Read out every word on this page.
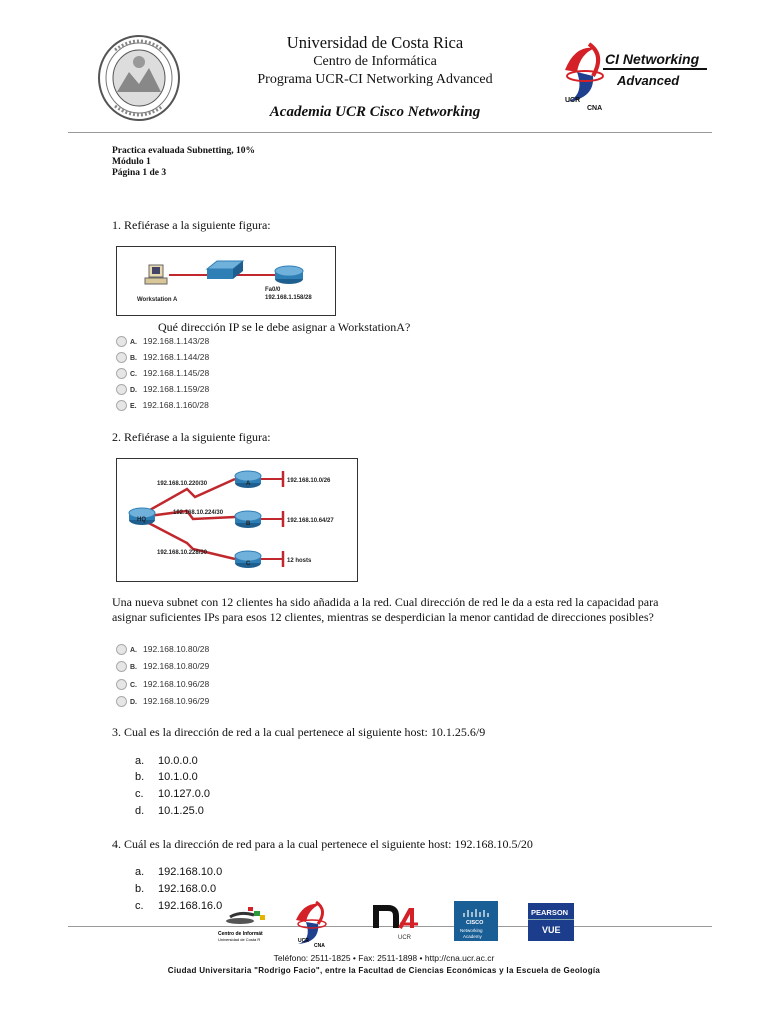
Universidad de Costa Rica
Centro de Informática
Programa UCR-CI Networking Advanced
Academia UCR Cisco Networking
CI Networking
Advanced
UCR
CNA
Practica evaluada Subnetting, 10%
Módulo 1
Página 1 de 3
1. Refiérase a la siguiente figura:
Workstation A
Fa0/0
192.168.1.158/28
Qué dirección IP se le debe asignar a WorkstationA?
A. 192.168.1.143/28
B. 192.168.1.144/28
C. 192.168.1.145/28
D. 192.168.1.159/28
E. 192.168.1.160/28
2. Refiérase a la siguiente figura:
HQ
A
B
C
192.168.10.220/30
192.168.10.224/30
192.168.10.228/30
192.168.10.0/26
192.168.10.64/27
12 hosts
Una nueva subnet con 12 clientes ha sido añadida a la red. Cual dirección de red le da a esta red la capacidad para asignar suficientes IPs para esos 12 clientes, mientras se desperdician la menor cantidad de direcciones posibles?
A. 192.168.10.80/28
B. 192.168.10.80/29
C. 192.168.10.96/28
D. 192.168.10.96/29
3. Cual es la dirección de red a la cual pertenece al siguiente host: 10.1.25.6/9
a. 10.0.0.0
b. 10.1.0.0
c. 10.127.0.0
d. 10.1.25.0
4. Cuál es la dirección de red para a la cual pertenece el siguiente host: 192.168.10.5/20
a. 192.168.10.0
b. 192.168.0.0
c. 192.168.16.0
Centro de Informát
Universidad de Costa R	UCR
CNA
UCR
CISCO
Networking
Academy
PEARSON
VUE
Teléfono: 2511-1825 • Fax: 2511-1898 • http://cna.ucr.ac.cr
Ciudad Universitaria "Rodrigo Facio", entre la Facultad de Ciencias Económicas y la Escuela de Geología
